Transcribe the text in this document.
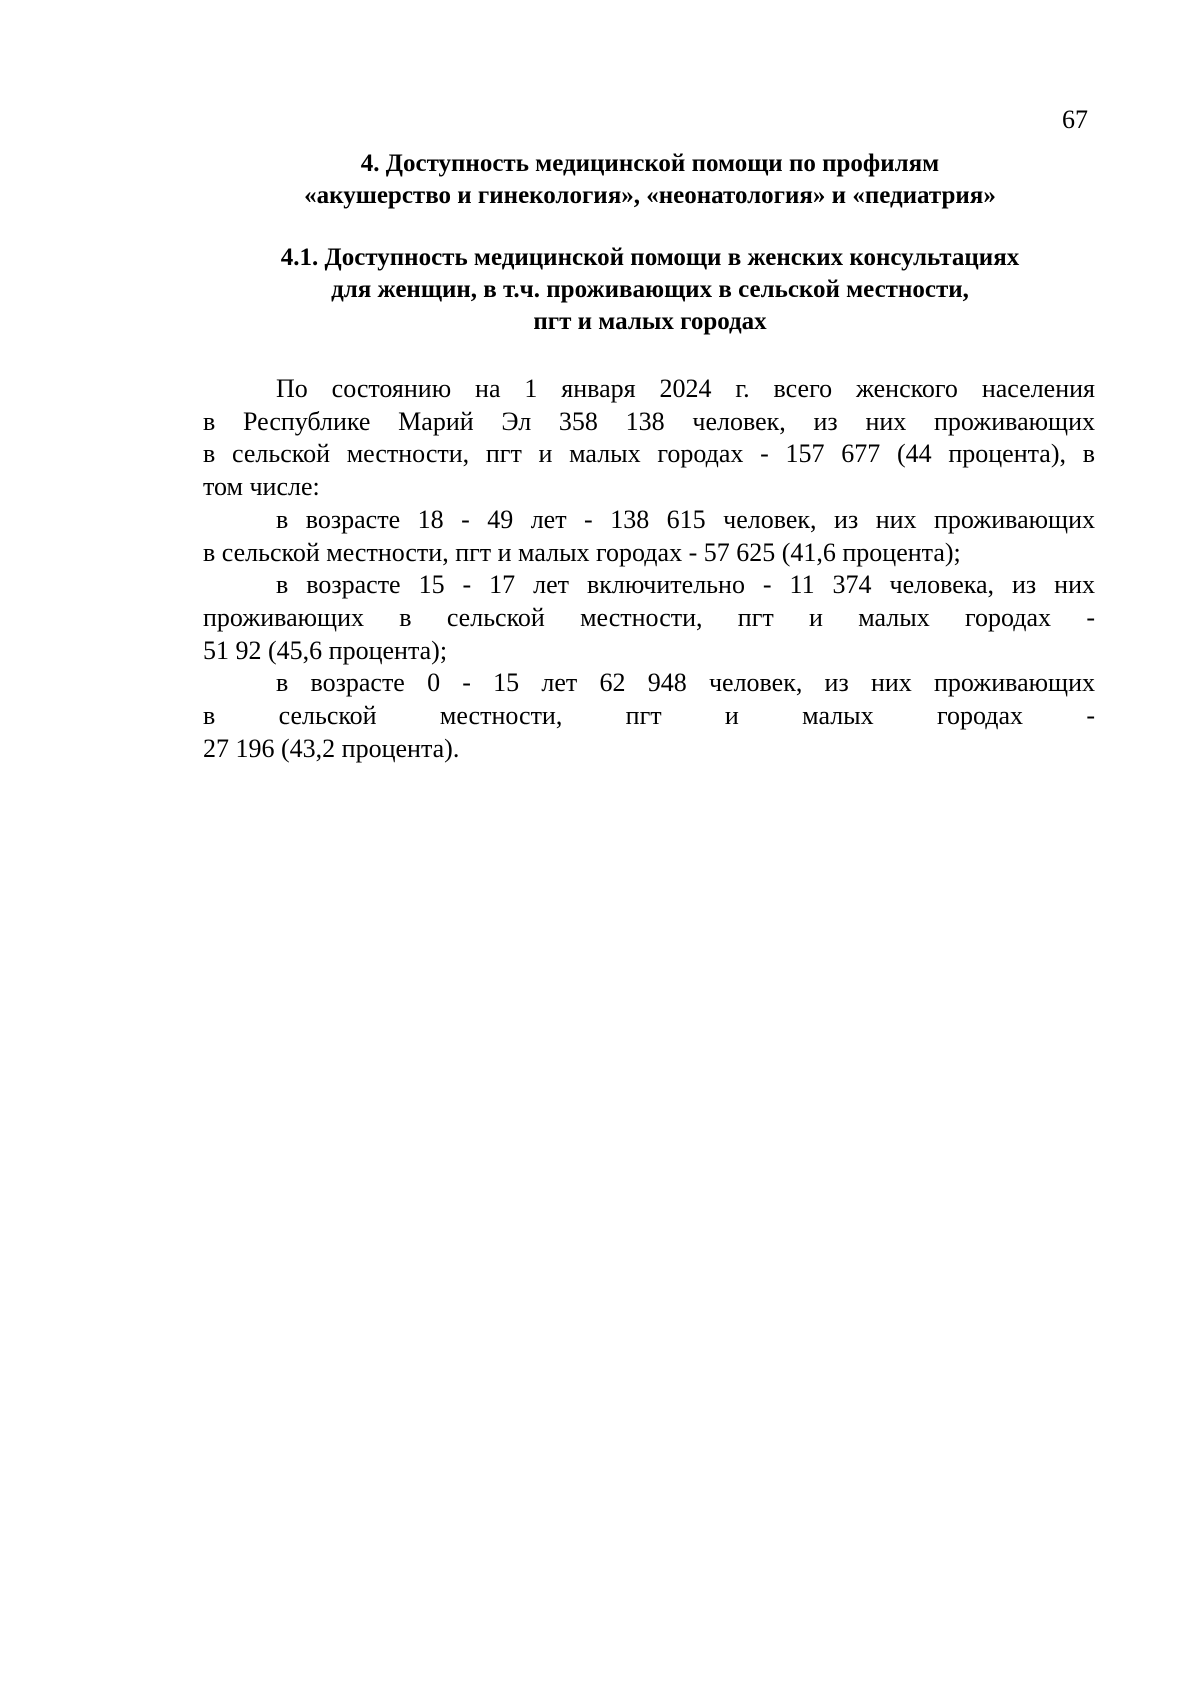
67
4. Доступность медицинской помощи по профилям
«акушерство и гинекология», «неонатология» и «педиатрия»
4.1. Доступность медицинской помощи в женских консультациях
для женщин, в т.ч. проживающих в сельской местности,
пгт и малых городах
По состоянию на 1 января 2024 г. всего женского населения
в Республике Марий Эл 358 138 человек, из них проживающих
в сельской местности, пгт и малых городах - 157 677 (44 процента), в
том числе:
в возрасте 18 - 49 лет - 138 615 человек, из них проживающих
в сельской местности, пгт и малых городах - 57 625 (41,6 процента);
в возрасте 15 - 17 лет включительно - 11 374 человека, из них
проживающих в сельской местности, пгт и малых городах -
51 92 (45,6 процента);
в возрасте 0 - 15 лет 62 948 человек, из них проживающих
в сельской местности, пгт и малых городах -
27 196 (43,2 процента).
